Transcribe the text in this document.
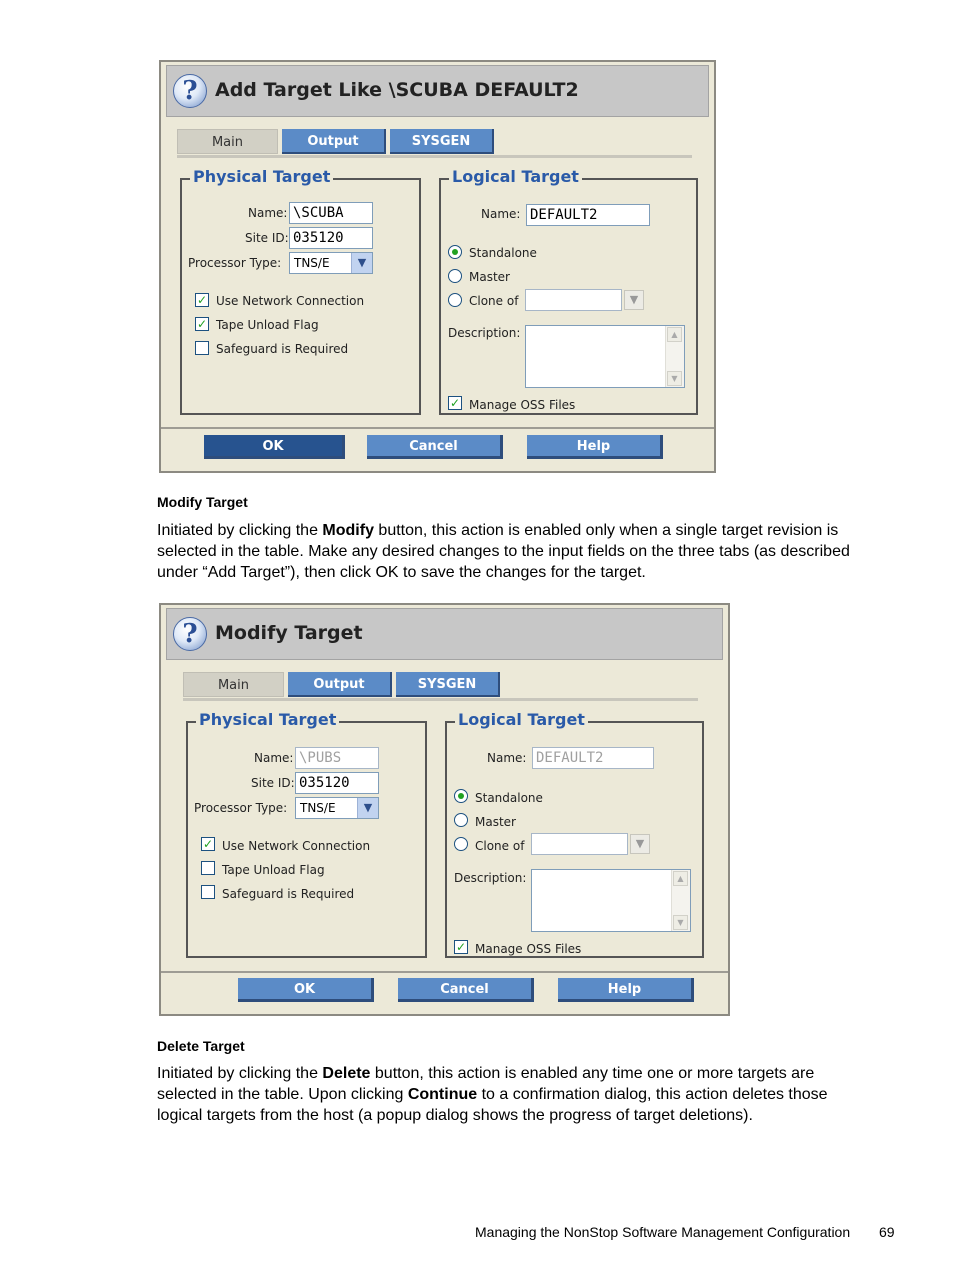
? Add Target Like \SCUBA DEFAULT2
Main	Output	SYSGEN
Physical Target
Name: \SCUBA
Site ID: 035120
Processor Type:	TNS/E	▼
✓ Use Network Connection
✓ Tape Unload Flag
Safeguard is Required
Logical Target
Name: DEFAULT2
Standalone
Master
Clone of	▼
Description:	▲
▼
✓ Manage OSS Files
OK	Cancel	Help
Modify Target
Initiated by clicking the Modify button, this action is enabled only when a single target revision is
selected in the table. Make any desired changes to the input fields on the three tabs (as described
under “Add Target”), then click OK to save the changes for the target.
? Modify Target
Main	Output	SYSGEN
Physical Target
Name: \PUBS
Site ID: 035120
Processor Type:	TNS/E	▼
✓ Use Network Connection
Tape Unload Flag
Safeguard is Required
Logical Target
Name: DEFAULT2
Standalone
Master
Clone of	▼
Description:	▲
▼
✓ Manage OSS Files
OK	Cancel	Help
Delete Target
Initiated by clicking the Delete button, this action is enabled any time one or more targets are
selected in the table. Upon clicking Continue to a confirmation dialog, this action deletes those
logical targets from the host (a popup dialog shows the progress of target deletions).
Managing the NonStop Software Management Configuration 69
